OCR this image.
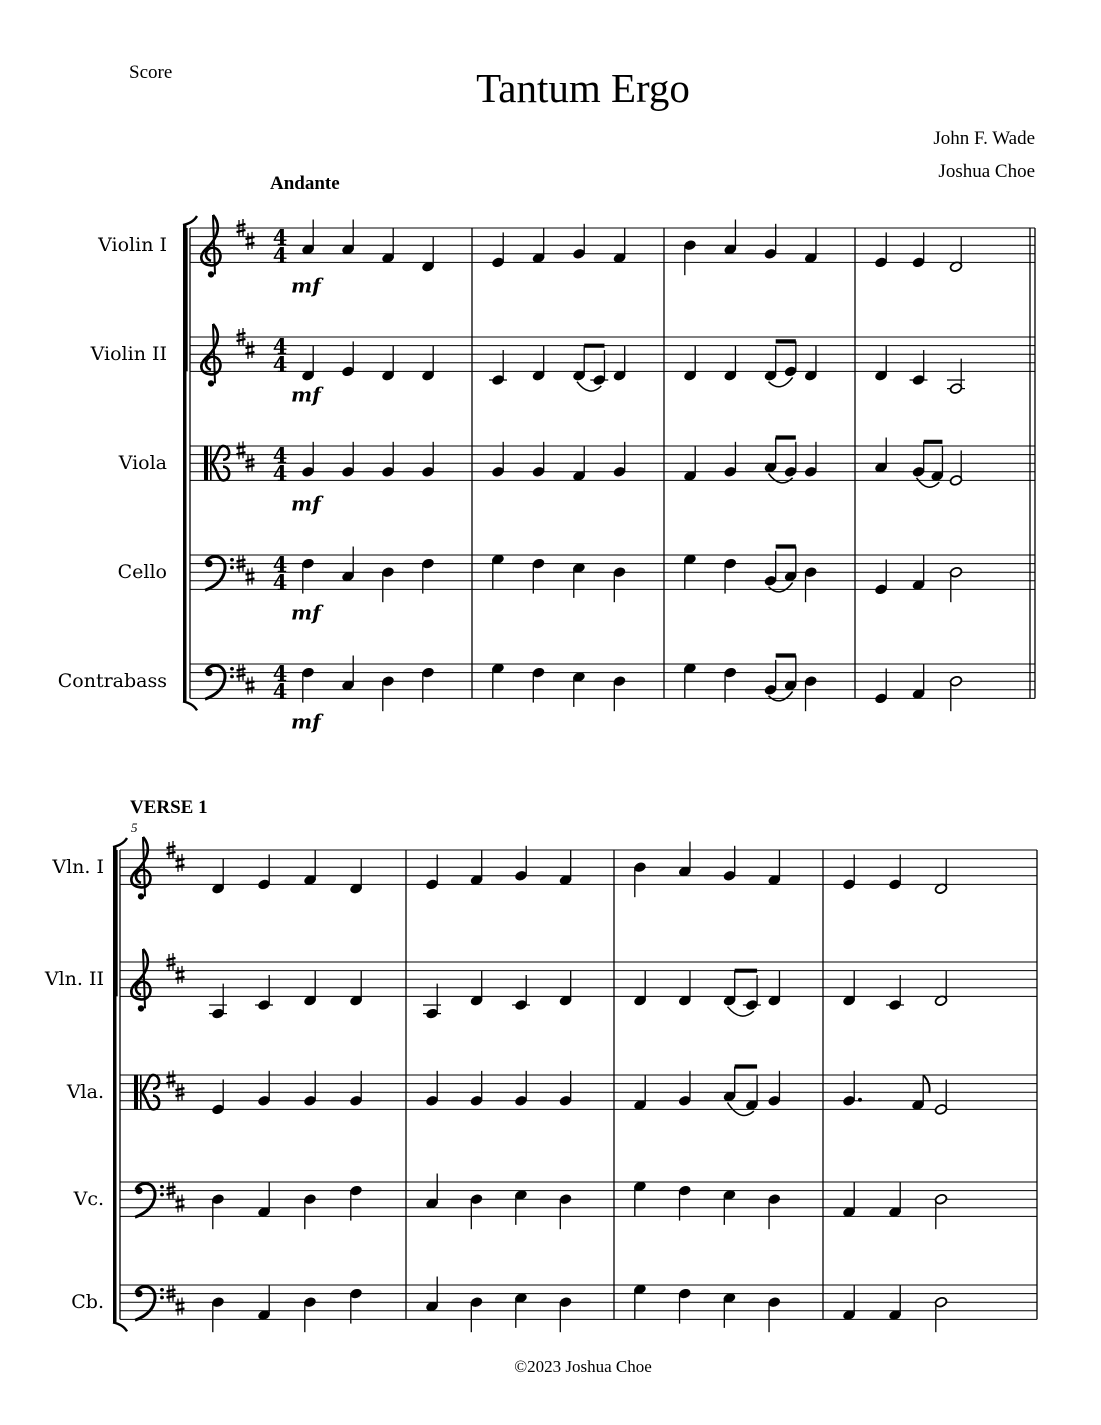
Score	Tantum Ergo
John F. Wade
Joshua Choe
Andante
VERSE 1
5
©2023 Joshua Choe
Violin I	4
4
mf
Violin II	4
4
mf
Viola	4
4
mf
Cello	4
4
mf
Contrabass	4
4
mf
Vln. I
Vln. II
Vla.
Vc.
Cb.
